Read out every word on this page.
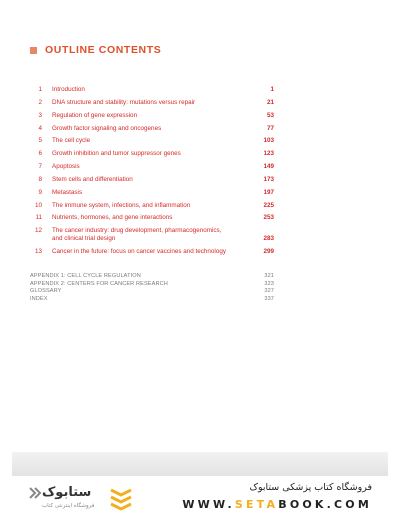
OUTLINE CONTENTS
1	Introduction	1
2	DNA structure and stability: mutations versus repair	21
3	Regulation of gene expression	53
4	Growth factor signaling and oncogenes	77
5	The cell cycle	103
6	Growth inhibition and tumor suppressor genes	123
7	Apoptosis	149
8	Stem cells and differentiation	173
9	Metastasis	197
10	The immune system, infections, and inflammation	225
11	Nutrients, hormones, and gene interactions	253
12	The cancer industry: drug development, pharmacogenomics,
and clinical trial design	283
13	Cancer in the future: focus on cancer vaccines and technology	299
APPENDIX 1: CELL CYCLE REGULATION	321
APPENDIX 2: CENTERS FOR CANCER RESEARCH	323
GLOSSARY	327
INDEX	337
ستابوک
فروشگاه اینترنتی کتاب
فروشگاه کتاب پزشکی ستابوک
WWW.SETABOOK.COM
